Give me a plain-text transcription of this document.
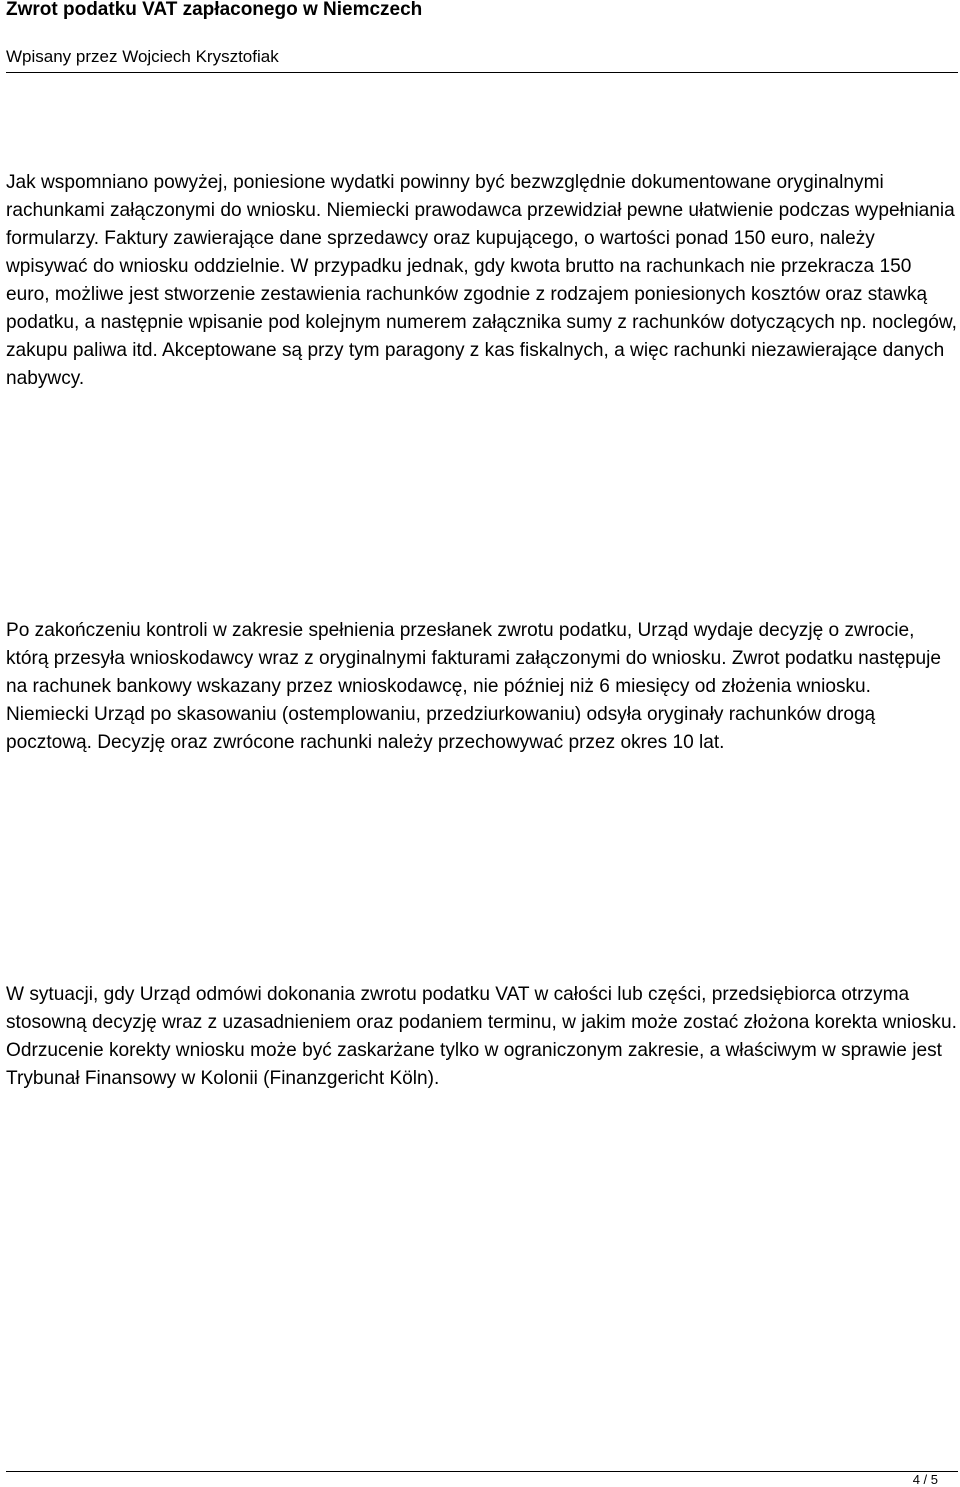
Zwrot podatku VAT zapłaconego w Niemczech
Wpisany przez Wojciech Krysztofiak

Jak wspomniano powyżej, poniesione wydatki powinny być bezwzględnie dokumentowane oryginalnymi rachunkami załączonymi do wniosku. Niemiecki prawodawca przewidział pewne ułatwienie podczas wypełniania formularzy. Faktury zawierające dane sprzedawcy oraz kupującego, o wartości ponad 150 euro, należy wpisywać do wniosku oddzielnie. W przypadku jednak, gdy kwota brutto na rachunkach nie przekracza 150 euro, możliwe jest stworzenie zestawienia rachunków zgodnie z rodzajem poniesionych kosztów oraz stawką podatku, a następnie wpisanie pod kolejnym numerem załącznika sumy z rachunków dotyczących np. noclegów, zakupu paliwa itd. Akceptowane są przy tym paragony z kas fiskalnych, a więc rachunki niezawierające danych nabywcy.

Po zakończeniu kontroli w zakresie spełnienia przesłanek zwrotu podatku, Urząd wydaje decyzję o zwrocie, którą przesyła wnioskodawcy wraz z oryginalnymi fakturami załączonymi do wniosku. Zwrot podatku następuje na rachunek bankowy wskazany przez wnioskodawcę, nie później niż 6 miesięcy od złożenia wniosku. Niemiecki Urząd po skasowaniu (ostemplowaniu, przedziurkowaniu) odsyła oryginały rachunków drogą pocztową. Decyzję oraz zwrócone rachunki należy przechowywać przez okres 10 lat.

W sytuacji, gdy Urząd odmówi dokonania zwrotu podatku VAT w całości lub części, przedsiębiorca otrzyma stosowną decyzję wraz z uzasadnieniem oraz podaniem terminu, w jakim może zostać złożona korekta wniosku. Odrzucenie korekty wniosku może być zaskarżane tylko w ograniczonym zakresie, a właściwym w sprawie jest Trybunał Finansowy w Kolonii (Finanzgericht Köln).

4 / 5
